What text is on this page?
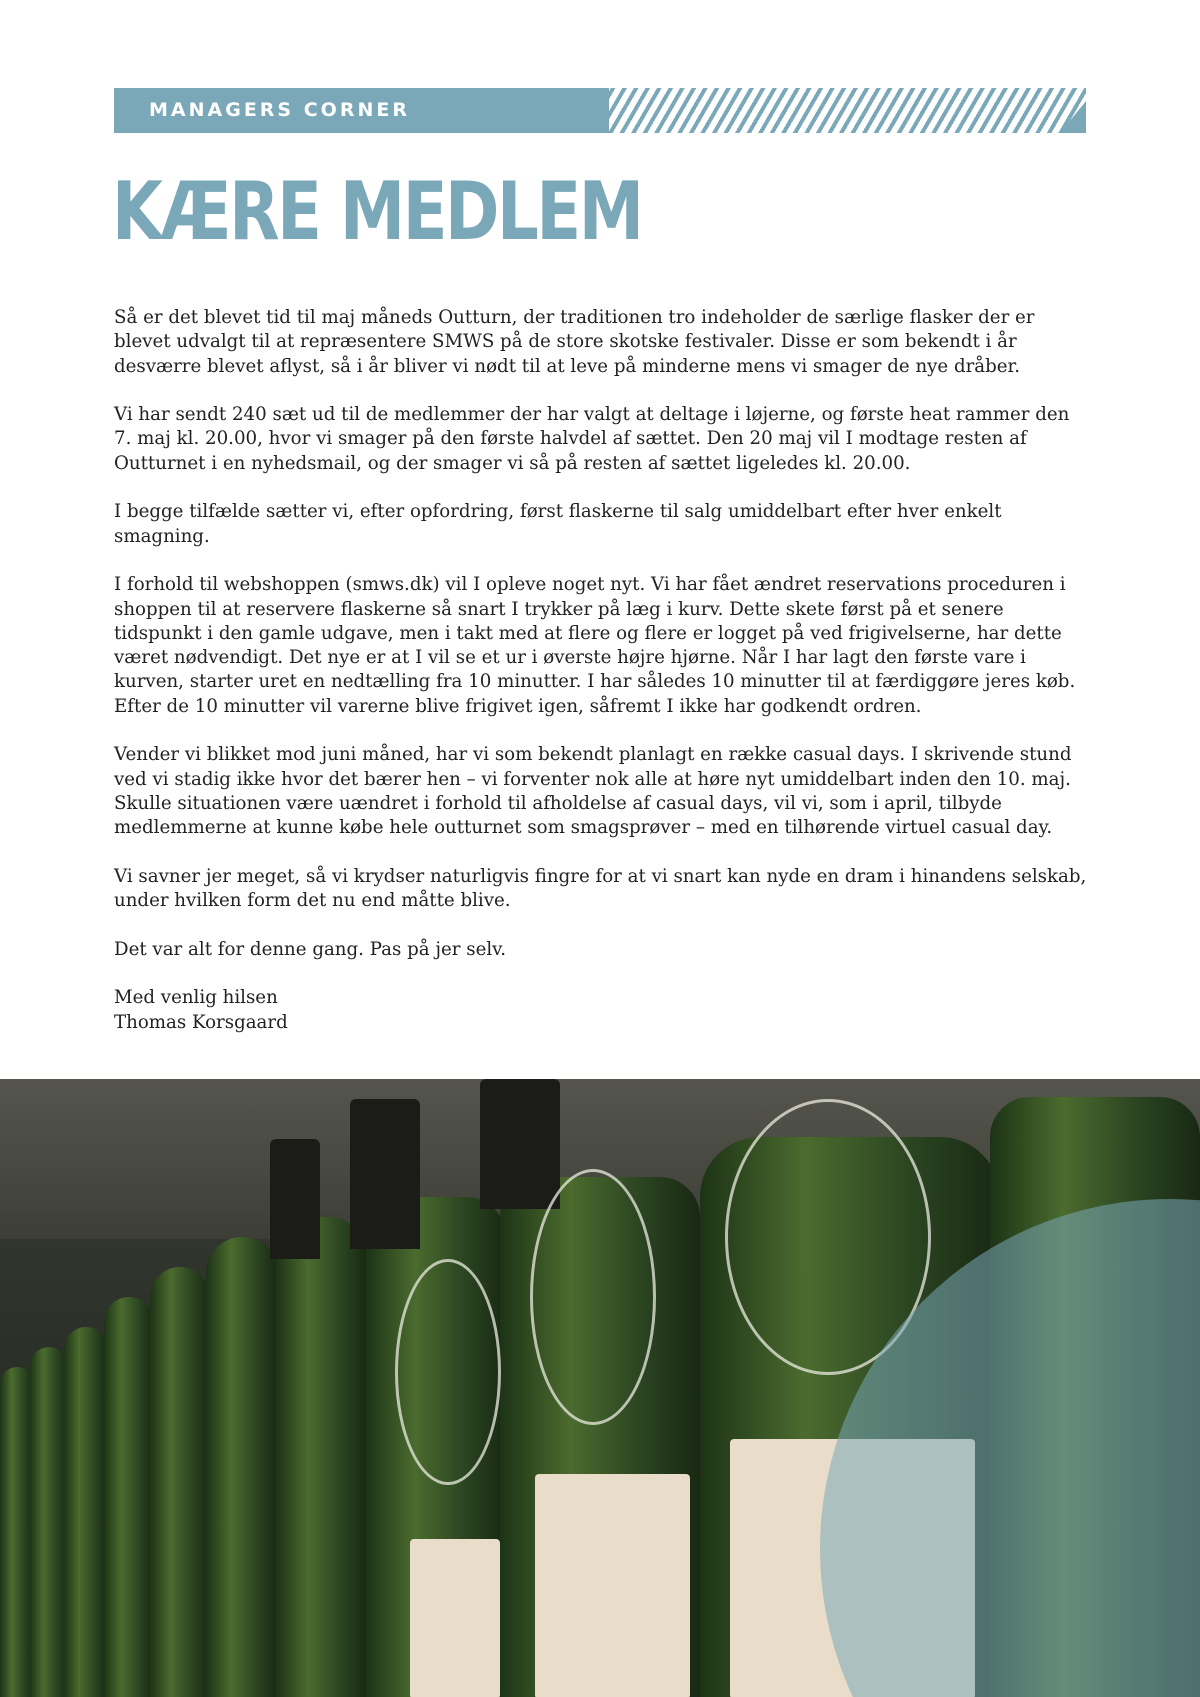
MANAGERS CORNER
KÆRE MEDLEM

Så er det blevet tid til maj måneds Outturn, der traditionen tro indeholder de særlige flasker der er blevet udvalgt til at repræsentere SMWS på de store skotske festivaler. Disse er som bekendt i år desværre blevet aflyst, så i år bliver vi nødt til at leve på minderne mens vi smager de nye dråber.

Vi har sendt 240 sæt ud til de medlemmer der har valgt at deltage i løjerne, og første heat rammer den 7. maj kl. 20.00, hvor vi smager på den første halvdel af sættet. Den 20 maj vil I modtage resten af Outturnet i en nyhedsmail, og der smager vi så på resten af sættet ligeledes kl. 20.00.

I begge tilfælde sætter vi, efter opfordring, først flaskerne til salg umiddelbart efter hver enkelt smagning.

I forhold til webshoppen (smws.dk) vil I opleve noget nyt. Vi har fået ændret reservations proceduren i shoppen til at reservere flaskerne så snart I trykker på læg i kurv. Dette skete først på et senere tidspunkt i den gamle udgave, men i takt med at flere og flere er logget på ved frigivelserne, har dette været nødvendigt. Det nye er at I vil se et ur i øverste højre hjørne. Når I har lagt den første vare i kurven, starter uret en nedtælling fra 10 minutter. I har således 10 minutter til at færdiggøre jeres køb. Efter de 10 minutter vil varerne blive frigivet igen, såfremt I ikke har godkendt ordren.

Vender vi blikket mod juni måned, har vi som bekendt planlagt en række casual days. I skrivende stund ved vi stadig ikke hvor det bærer hen – vi forventer nok alle at høre nyt umiddelbart inden den 10. maj. Skulle situationen være uændret i forhold til afholdelse af casual days, vil vi, som i april, tilbyde medlemmerne at kunne købe hele outturnet som smagsprøver – med en tilhørende virtuel casual day.

Vi savner jer meget, så vi krydser naturligvis fingre for at vi snart kan nyde en dram i hinandens selskab, under hvilken form det nu end måtte blive.

Det var alt for denne gang. Pas på jer selv.

Med venlig hilsen
Thomas Korsgaard
